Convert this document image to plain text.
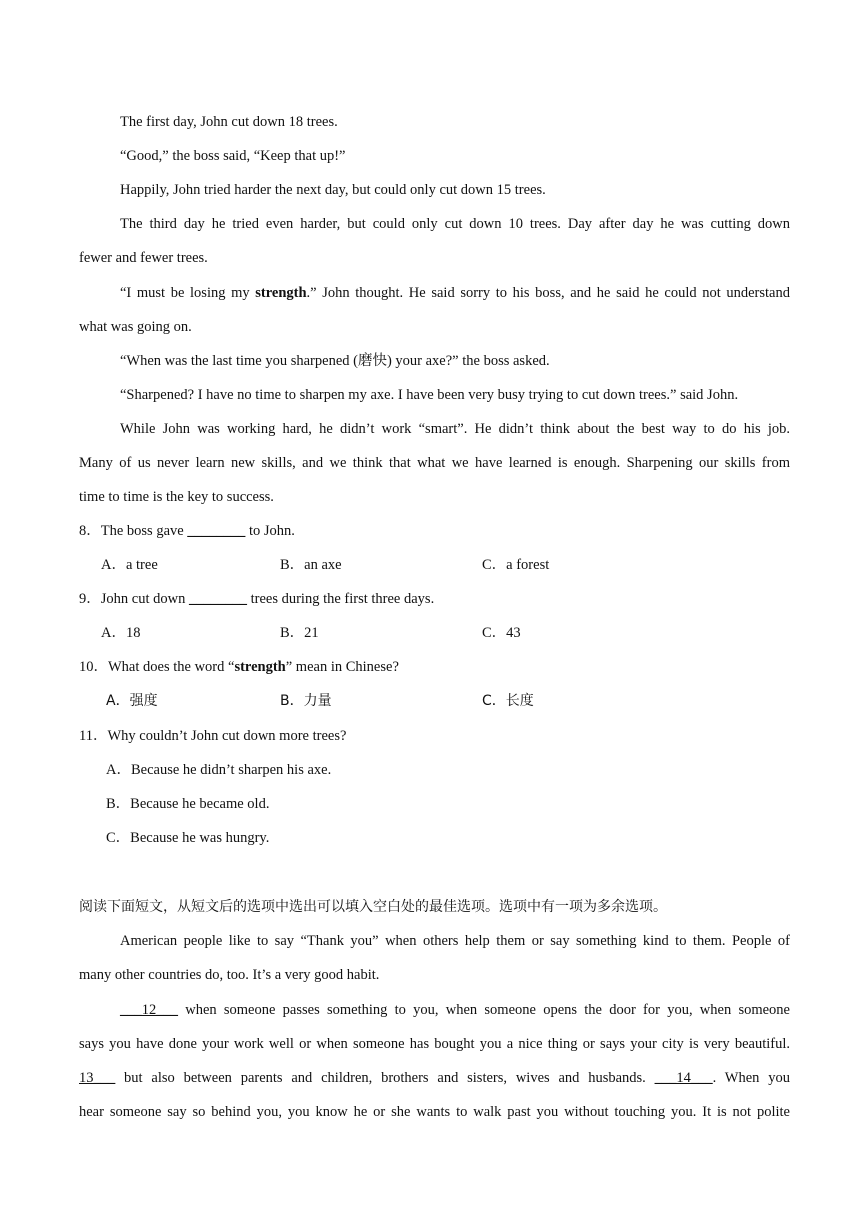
The first day, John cut down 18 trees.
“Good,” the boss said, “Keep that up!”
Happily, John tried harder the next day, but could only cut down 15 trees.
The third day he tried even harder, but could only cut down 10 trees. Day after day he was cutting down
fewer and fewer trees.
“I must be losing my strength.” John thought. He said sorry to his boss, and he said he could not understand
what was going on.
“When was the last time you sharpened (磨快) your axe?” the boss asked.
“Sharpened? I have no time to sharpen my axe. I have been very busy trying to cut down trees.” said John.
While John was working hard, he didn’t work “smart”. He didn’t think about the best way to do his job.
Many of us never learn new skills, and we think that what we have learned is enough. Sharpening our skills from
time to time is the key to success.
8．The boss gave ________ to John.
A．a tree	B．an axe	C．a forest
9．John cut down ________ trees during the first three days.
A．18	B．21	C．43
10．What does the word “strength” mean in Chinese?
A．强度	B．力量	C．长度
11．Why couldn’t John cut down more trees?
A．Because he didn’t sharpen his axe.
B．Because he became old.
C．Because he was hungry.
阅读下面短文，从短文后的选项中选出可以填入空白处的最佳选项。选项中有一项为多余选项。
American people like to say “Thank you” when others help them or say something kind to them. People of
many other countries do, too. It’s a very good habit.
___12___ when someone passes something to you, when someone opens the door for you, when someone
says you have done your work well or when someone has bought you a nice thing or says your city is very beautiful.
13___ but also between parents and children, brothers and sisters, wives and husbands. ___14___. When you
hear someone say so behind you, you know he or she wants to walk past you without touching you. It is not polite
